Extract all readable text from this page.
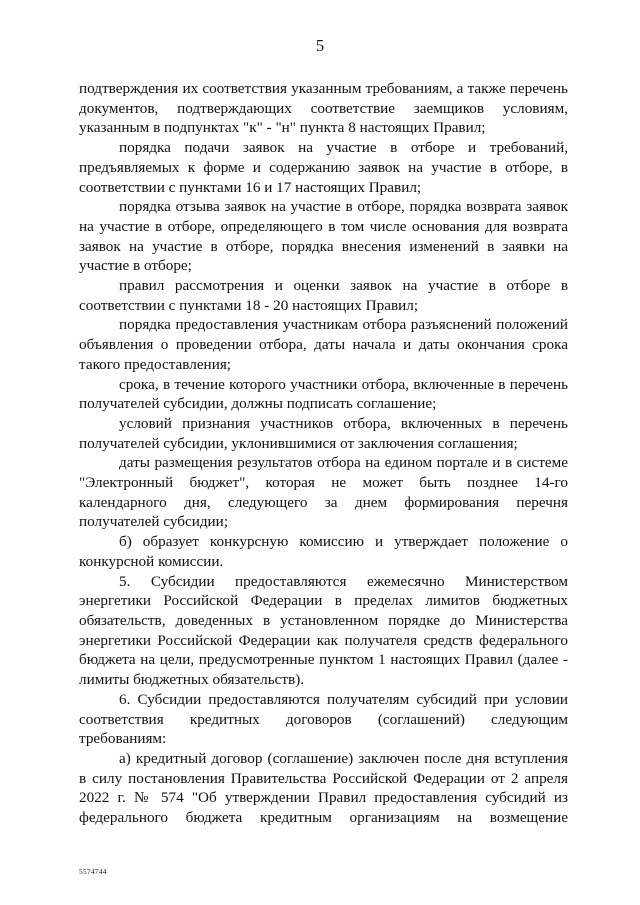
5

подтверждения их соответствия указанным требованиям, а также перечень документов, подтверждающих соответствие заемщиков условиям, указанным в подпунктах "к" - "н" пункта 8 настоящих Правил;

порядка подачи заявок на участие в отборе и требований, предъявляемых к форме и содержанию заявок на участие в отборе, в соответствии с пунктами 16 и 17 настоящих Правил;

порядка отзыва заявок на участие в отборе, порядка возврата заявок на участие в отборе, определяющего в том числе основания для возврата заявок на участие в отборе, порядка внесения изменений в заявки на участие в отборе;

правил рассмотрения и оценки заявок на участие в отборе в соответствии с пунктами 18 - 20 настоящих Правил;

порядка предоставления участникам отбора разъяснений положений объявления о проведении отбора, даты начала и даты окончания срока такого предоставления;

срока, в течение которого участники отбора, включенные в перечень получателей субсидии, должны подписать соглашение;

условий признания участников отбора, включенных в перечень получателей субсидии, уклонившимися от заключения соглашения;

даты размещения результатов отбора на едином портале и в системе "Электронный бюджет", которая не может быть позднее 14-го календарного дня, следующего за днем формирования перечня получателей субсидии;

б) образует конкурсную комиссию и утверждает положение о конкурсной комиссии.

5. Субсидии предоставляются ежемесячно Министерством энергетики Российской Федерации в пределах лимитов бюджетных обязательств, доведенных в установленном порядке до Министерства энергетики Российской Федерации как получателя средств федерального бюджета на цели, предусмотренные пунктом 1 настоящих Правил (далее - лимиты бюджетных обязательств).

6. Субсидии предоставляются получателям субсидий при условии соответствия кредитных договоров (соглашений) следующим требованиям:

а) кредитный договор (соглашение) заключен после дня вступления в силу постановления Правительства Российской Федерации от 2 апреля 2022 г. № 574 "Об утверждении Правил предоставления субсидий из федерального бюджета кредитным организациям на возмещение

5574744
